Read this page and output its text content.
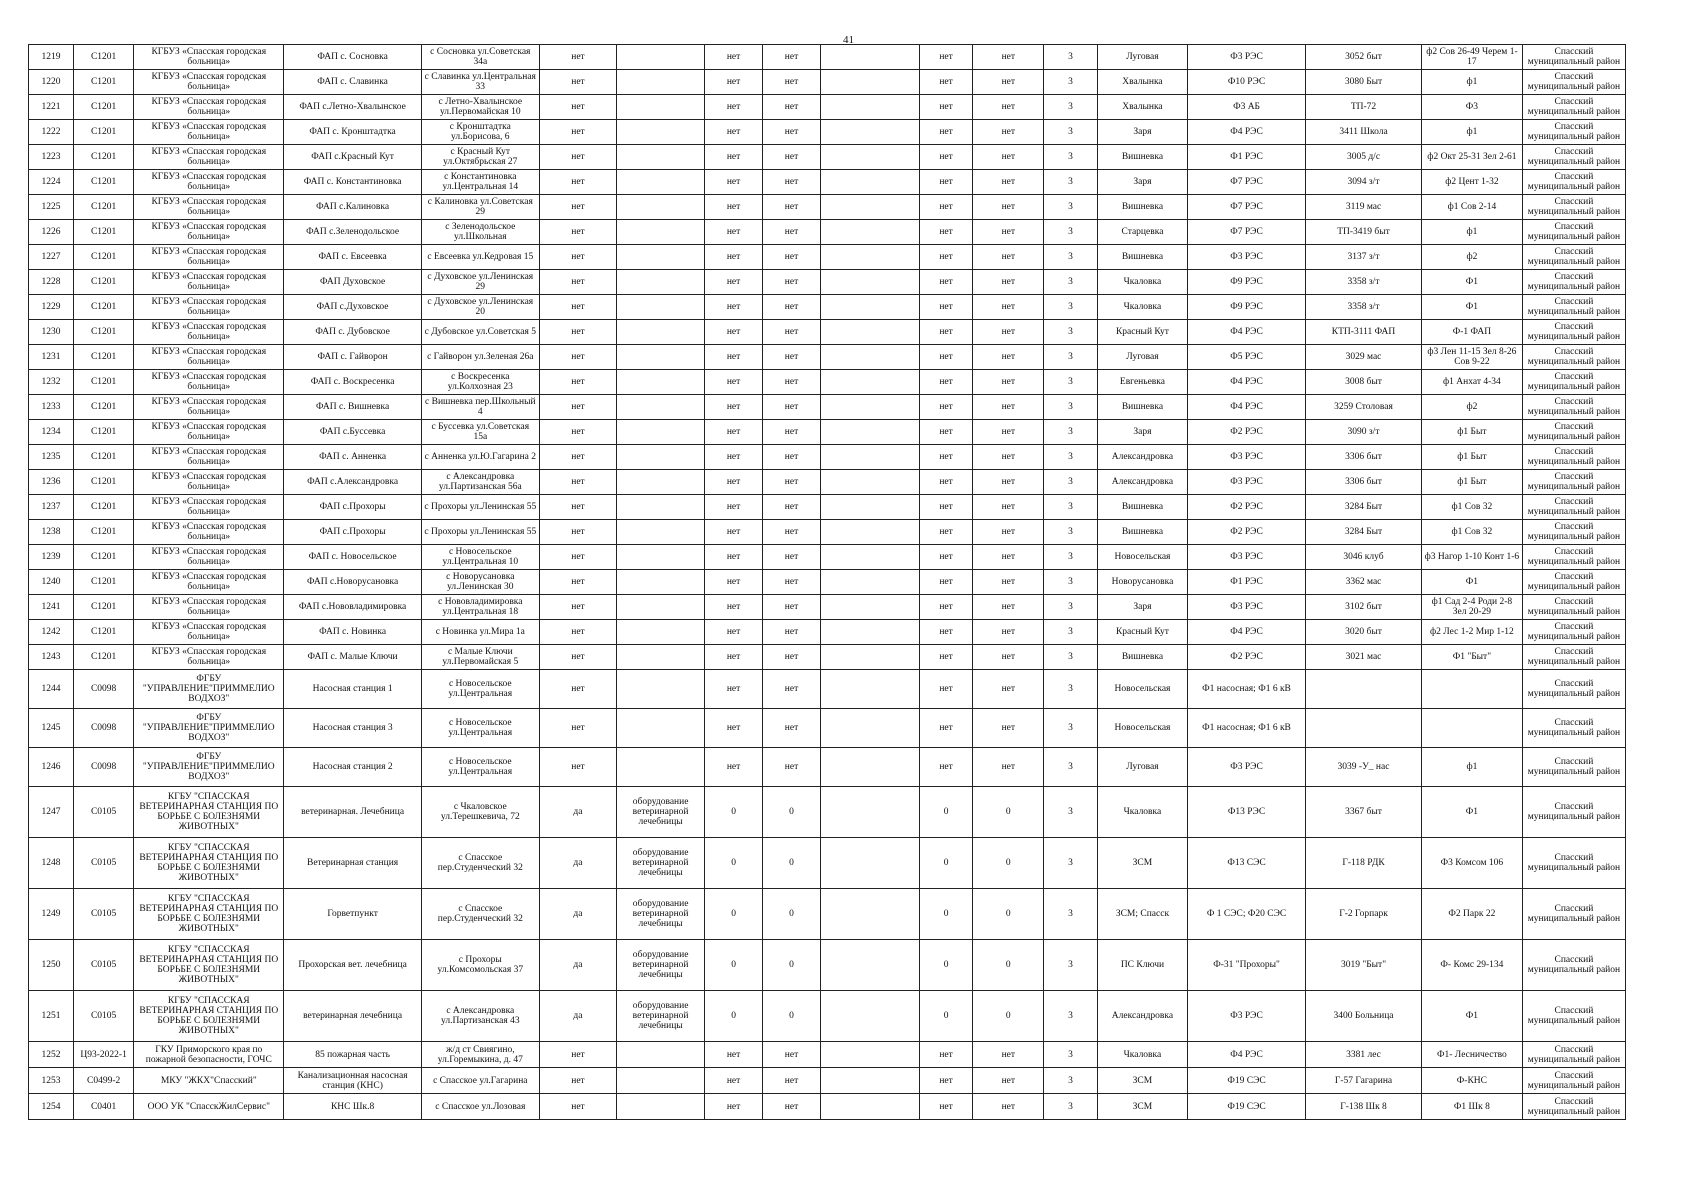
41
1219	С1201	КГБУЗ «Спасская городская больница»	ФАП с. Сосновка	с Сосновка ул.Советская 34а	нет		нет	нет		нет	нет	3	Луговая	Ф3 РЭС	3052 быт	ф2 Сов 26-49 Черем 1-17	Спасский муниципальный район
1220	С1201	КГБУЗ «Спасская городская больница»	ФАП с. Славинка	с Славинка ул.Центральная 33	нет		нет	нет		нет	нет	3	Хвалынка	Ф10 РЭС	3080 Быт	ф1	Спасский муниципальный район
1221	С1201	КГБУЗ «Спасская городская больница»	ФАП с.Летно-Хвалынское	с Летно-Хвалынское ул.Первомайская 10	нет		нет	нет		нет	нет	3	Хвалынка	Ф3 АБ	ТП-72	Ф3	Спасский муниципальный район
1222	С1201	КГБУЗ «Спасская городская больница»	ФАП с. Кронштадтка	с Кронштадтка ул.Борисова, 6	нет		нет	нет		нет	нет	3	Заря	Ф4 РЭС	3411 Школа	ф1	Спасский муниципальный район
1223	С1201	КГБУЗ «Спасская городская больница»	ФАП с.Красный Кут	с Красный Кут ул.Октябрьская 27	нет		нет	нет		нет	нет	3	Вишневка	Ф1 РЭС	3005 д/с	ф2 Окт 25-31 Зел 2-61	Спасский муниципальный район
1224	С1201	КГБУЗ «Спасская городская больница»	ФАП с. Константиновка	с Константиновка ул.Центральная 14	нет		нет	нет		нет	нет	3	Заря	Ф7 РЭС	3094 з/т	ф2 Цент 1-32	Спасский муниципальный район
1225	С1201	КГБУЗ «Спасская городская больница»	ФАП с.Калиновка	с Калиновка ул.Советская 29	нет		нет	нет		нет	нет	3	Вишневка	Ф7 РЭС	3119 мас	ф1 Сов 2-14	Спасский муниципальный район
1226	С1201	КГБУЗ «Спасская городская больница»	ФАП с.Зеленодольское	с Зеленодольское ул.Школьная	нет		нет	нет		нет	нет	3	Старцевка	Ф7 РЭС	ТП-3419 быт	ф1	Спасский муниципальный район
1227	С1201	КГБУЗ «Спасская городская больница»	ФАП с. Евсеевка	с Евсеевка ул.Кедровая 15	нет		нет	нет		нет	нет	3	Вишневка	Ф3 РЭС	3137 з/т	ф2	Спасский муниципальный район
1228	С1201	КГБУЗ «Спасская городская больница»	ФАП Духовское	с Духовское ул.Ленинская 29	нет		нет	нет		нет	нет	3	Чкаловка	Ф9 РЭС	3358 з/т	Ф1	Спасский муниципальный район
1229	С1201	КГБУЗ «Спасская городская больница»	ФАП с.Духовское	с Духовское ул.Ленинская 20	нет		нет	нет		нет	нет	3	Чкаловка	Ф9 РЭС	3358 з/т	Ф1	Спасский муниципальный район
1230	С1201	КГБУЗ «Спасская городская больница»	ФАП с. Дубовское	с Дубовское ул.Советская 5	нет		нет	нет		нет	нет	3	Красный Кут	Ф4 РЭС	КТП-3111 ФАП	Ф-1 ФАП	Спасский муниципальный район
1231	С1201	КГБУЗ «Спасская городская больница»	ФАП с. Гайворон	с Гайворон ул.Зеленая 26а	нет		нет	нет		нет	нет	3	Луговая	Ф5 РЭС	3029 мас	ф3 Лен 11-15 Зел 8-26 Сов 9-22	Спасский муниципальный район
1232	С1201	КГБУЗ «Спасская городская больница»	ФАП с. Воскресенка	с Воскресенка ул.Колхозная 23	нет		нет	нет		нет	нет	3	Евгеньевка	Ф4 РЭС	3008 быт	ф1 Анхат 4-34	Спасский муниципальный район
1233	С1201	КГБУЗ «Спасская городская больница»	ФАП с. Вишневка	с Вишневка пер.Школьный 4	нет		нет	нет		нет	нет	3	Вишневка	Ф4 РЭС	3259 Столовая	ф2	Спасский муниципальный район
1234	С1201	КГБУЗ «Спасская городская больница»	ФАП с.Буссевка	с Буссевка ул.Советская 15а	нет		нет	нет		нет	нет	3	Заря	Ф2 РЭС	3090 з/т	ф1 Быт	Спасский муниципальный район
1235	С1201	КГБУЗ «Спасская городская больница»	ФАП с. Анненка	с Анненка ул.Ю.Гагарина 2	нет		нет	нет		нет	нет	3	Александровка	Ф3 РЭС	3306 быт	ф1 Быт	Спасский муниципальный район
1236	С1201	КГБУЗ «Спасская городская больница»	ФАП с.Александровка	с Александровка ул.Партизанская 56а	нет		нет	нет		нет	нет	3	Александровка	Ф3 РЭС	3306 быт	ф1 Быт	Спасский муниципальный район
1237	С1201	КГБУЗ «Спасская городская больница»	ФАП с.Прохоры	с Прохоры ул.Ленинская 55	нет		нет	нет		нет	нет	3	Вишневка	Ф2 РЭС	3284 Быт	ф1 Сов 32	Спасский муниципальный район
1238	С1201	КГБУЗ «Спасская городская больница»	ФАП с.Прохоры	с Прохоры ул.Ленинская 55	нет		нет	нет		нет	нет	3	Вишневка	Ф2 РЭС	3284 Быт	ф1 Сов 32	Спасский муниципальный район
1239	С1201	КГБУЗ «Спасская городская больница»	ФАП с. Новосельское	с Новосельское ул.Центральная 10	нет		нет	нет		нет	нет	3	Новосельская	Ф3 РЭС	3046 клуб	ф3 Нагор 1-10 Конт 1-6	Спасский муниципальный район
1240	С1201	КГБУЗ «Спасская городская больница»	ФАП с.Новорусановка	с Новорусановка ул.Ленинская 30	нет		нет	нет		нет	нет	3	Новорусановка	Ф1 РЭС	3362 мас	Ф1	Спасский муниципальный район
1241	С1201	КГБУЗ «Спасская городская больница»	ФАП с.Нововладимировка	с Нововладимировка ул.Центральная 18	нет		нет	нет		нет	нет	3	Заря	Ф3 РЭС	3102 быт	ф1 Сад 2-4 Роди 2-8 Зел 20-29	Спасский муниципальный район
1242	С1201	КГБУЗ «Спасская городская больница»	ФАП с. Новинка	с Новинка ул.Мира 1а	нет		нет	нет		нет	нет	3	Красный Кут	Ф4 РЭС	3020 быт	ф2 Лес 1-2 Мир 1-12	Спасский муниципальный район
1243	С1201	КГБУЗ «Спасская городская больница»	ФАП с. Малые Ключи	с Малые Ключи ул.Первомайская 5	нет		нет	нет		нет	нет	3	Вишневка	Ф2 РЭС	3021 мас	Ф1 "Быт"	Спасский муниципальный район
1244	С0098	ФГБУ "УПРАВЛЕНИЕ"ПРИММЕЛИО ВОДХОЗ"	Насосная станция 1	с Новосельское ул.Центральная	нет		нет	нет		нет	нет	3	Новосельская	Ф1 насосная; Ф1 6 кВ			Спасский муниципальный район
1245	С0098	ФГБУ "УПРАВЛЕНИЕ"ПРИММЕЛИО ВОДХОЗ"	Насосная станция 3	с Новосельское ул.Центральная	нет		нет	нет		нет	нет	3	Новосельская	Ф1 насосная; Ф1 6 кВ			Спасский муниципальный район
1246	С0098	ФГБУ "УПРАВЛЕНИЕ"ПРИММЕЛИО ВОДХОЗ"	Насосная станция 2	с Новосельское ул.Центральная	нет		нет	нет		нет	нет	3	Луговая	Ф3 РЭС	3039 -У_ нас	ф1	Спасский муниципальный район
1247	С0105	КГБУ "СПАССКАЯ ВЕТЕРИНАРНАЯ СТАНЦИЯ ПО БОРЬБЕ С БОЛЕЗНЯМИ ЖИВОТНЫХ"	ветеринарная. Лечебница	с Чкаловское ул.Терешкевича, 72	да	оборудование ветеринарной лечебницы	0	0		0	0	3	Чкаловка	Ф13 РЭС	3367 быт	Ф1	Спасский муниципальный район
1248	С0105	КГБУ "СПАССКАЯ ВЕТЕРИНАРНАЯ СТАНЦИЯ ПО БОРЬБЕ С БОЛЕЗНЯМИ ЖИВОТНЫХ"	Ветеринарная станция	с Спасское пер.Студенческий 32	да	оборудование ветеринарной лечебницы	0	0		0	0	3	ЗСМ	Ф13 СЭС	Г-118 РДК	Ф3 Комсом 106	Спасский муниципальный район
1249	С0105	КГБУ "СПАССКАЯ ВЕТЕРИНАРНАЯ СТАНЦИЯ ПО БОРЬБЕ С БОЛЕЗНЯМИ ЖИВОТНЫХ"	Горветпункт	с Спасское пер.Студенческий 32	да	оборудование ветеринарной лечебницы	0	0		0	0	3	ЗСМ; Спасск	Ф 1 СЭС; Ф20 СЭС	Г-2 Горпарк	Ф2 Парк 22	Спасский муниципальный район
1250	С0105	КГБУ "СПАССКАЯ ВЕТЕРИНАРНАЯ СТАНЦИЯ ПО БОРЬБЕ С БОЛЕЗНЯМИ ЖИВОТНЫХ"	Прохорская вет. лечебница	с Прохоры ул.Комсомольская 37	да	оборудование ветеринарной лечебницы	0	0		0	0	3	ПС Ключи	Ф-31 "Прохоры"	3019 "Быт"	Ф- Комс 29-134	Спасский муниципальный район
1251	С0105	КГБУ "СПАССКАЯ ВЕТЕРИНАРНАЯ СТАНЦИЯ ПО БОРЬБЕ С БОЛЕЗНЯМИ ЖИВОТНЫХ"	ветеринарная лечебница	с Александровка ул.Партизанская 43	да	оборудование ветеринарной лечебницы	0	0		0	0	3	Александровка	Ф3 РЭС	3400 Больница	Ф1	Спасский муниципальный район
1252	Ц93-2022-1	ГКУ Приморского края по пожарной безопасности, ГОЧС	85 пожарная часть	ж/д ст Свиягино, ул.Горемыкина, д. 47	нет		нет	нет		нет	нет	3	Чкаловка	Ф4 РЭС	3381 лес	Ф1- Лесничество	Спасский муниципальный район
1253	С0499-2	МКУ "ЖКХ"Спасский"	Канализационная насосная станция (КНС)	с Спасское ул.Гагарина	нет		нет	нет		нет	нет	3	ЗСМ	Ф19 СЭС	Г-57 Гагарина	Ф-КНС	Спасский муниципальный район
1254	С0401	ООО УК "СпасскЖилСервис"	КНС Шк.8	с Спасское ул.Лозовая	нет		нет	нет		нет	нет	3	ЗСМ	Ф19 СЭС	Г-138 Шк 8	Ф1 Шк 8	Спасский муниципальный район
